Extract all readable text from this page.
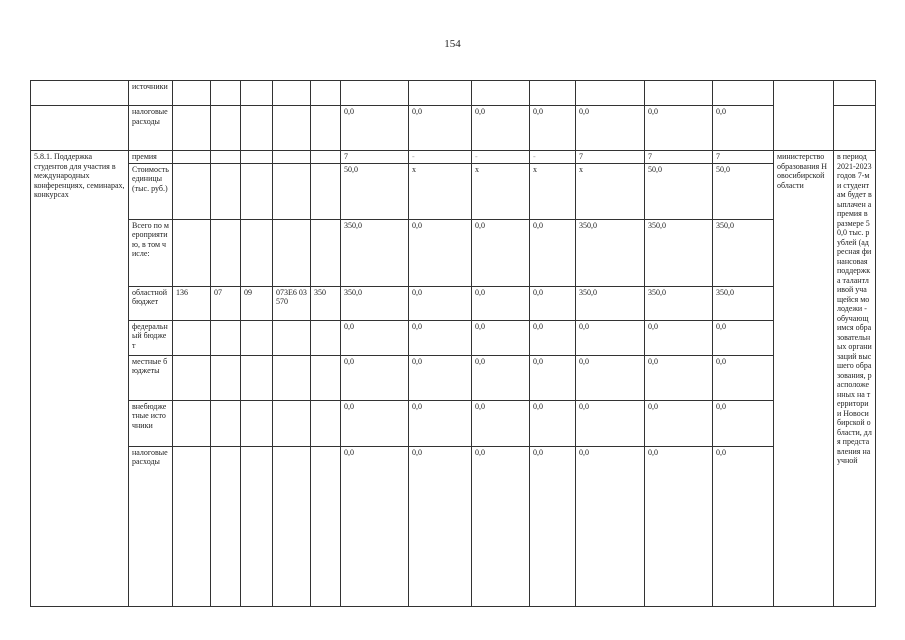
154
	источники														
	налоговые расходы						0,0	0,0	0,0	0,0	0,0	0,0	0,0		
5.8.1. Поддержка студентов для участия в международных конференциях, семинарах, конкурсах	премия						7	-	-	-	7	7	7	министерство образования Новосибирской области	в период 2021-2023 годов 7-ми студентам будет выплачен а премия в размере 50,0 тыс. рублей (адресная финансовая поддержка талантливой учащейся молодежи - обучающимся образовательных организаций высшего образования, расположенных на территории Новосибирской области, для представления научной
	Стоимость единицы (тыс. руб.)						50,0	х	х	х	х	50,0	50,0		
	Всего по мероприятию, в том числе:						350,0	0,0	0,0	0,0	350,0	350,0	350,0		
	областной бюджет	136	07	09	073Е6 03570	350	350,0	0,0	0,0	0,0	350,0	350,0	350,0		
	федеральный бюджет						0,0	0,0	0,0	0,0	0,0	0,0	0,0		
	местные бюджеты						0,0	0,0	0,0	0,0	0,0	0,0	0,0		
	внебюджетные источники						0,0	0,0	0,0	0,0	0,0	0,0	0,0		
	налоговые расходы						0,0	0,0	0,0	0,0	0,0	0,0	0,0		
